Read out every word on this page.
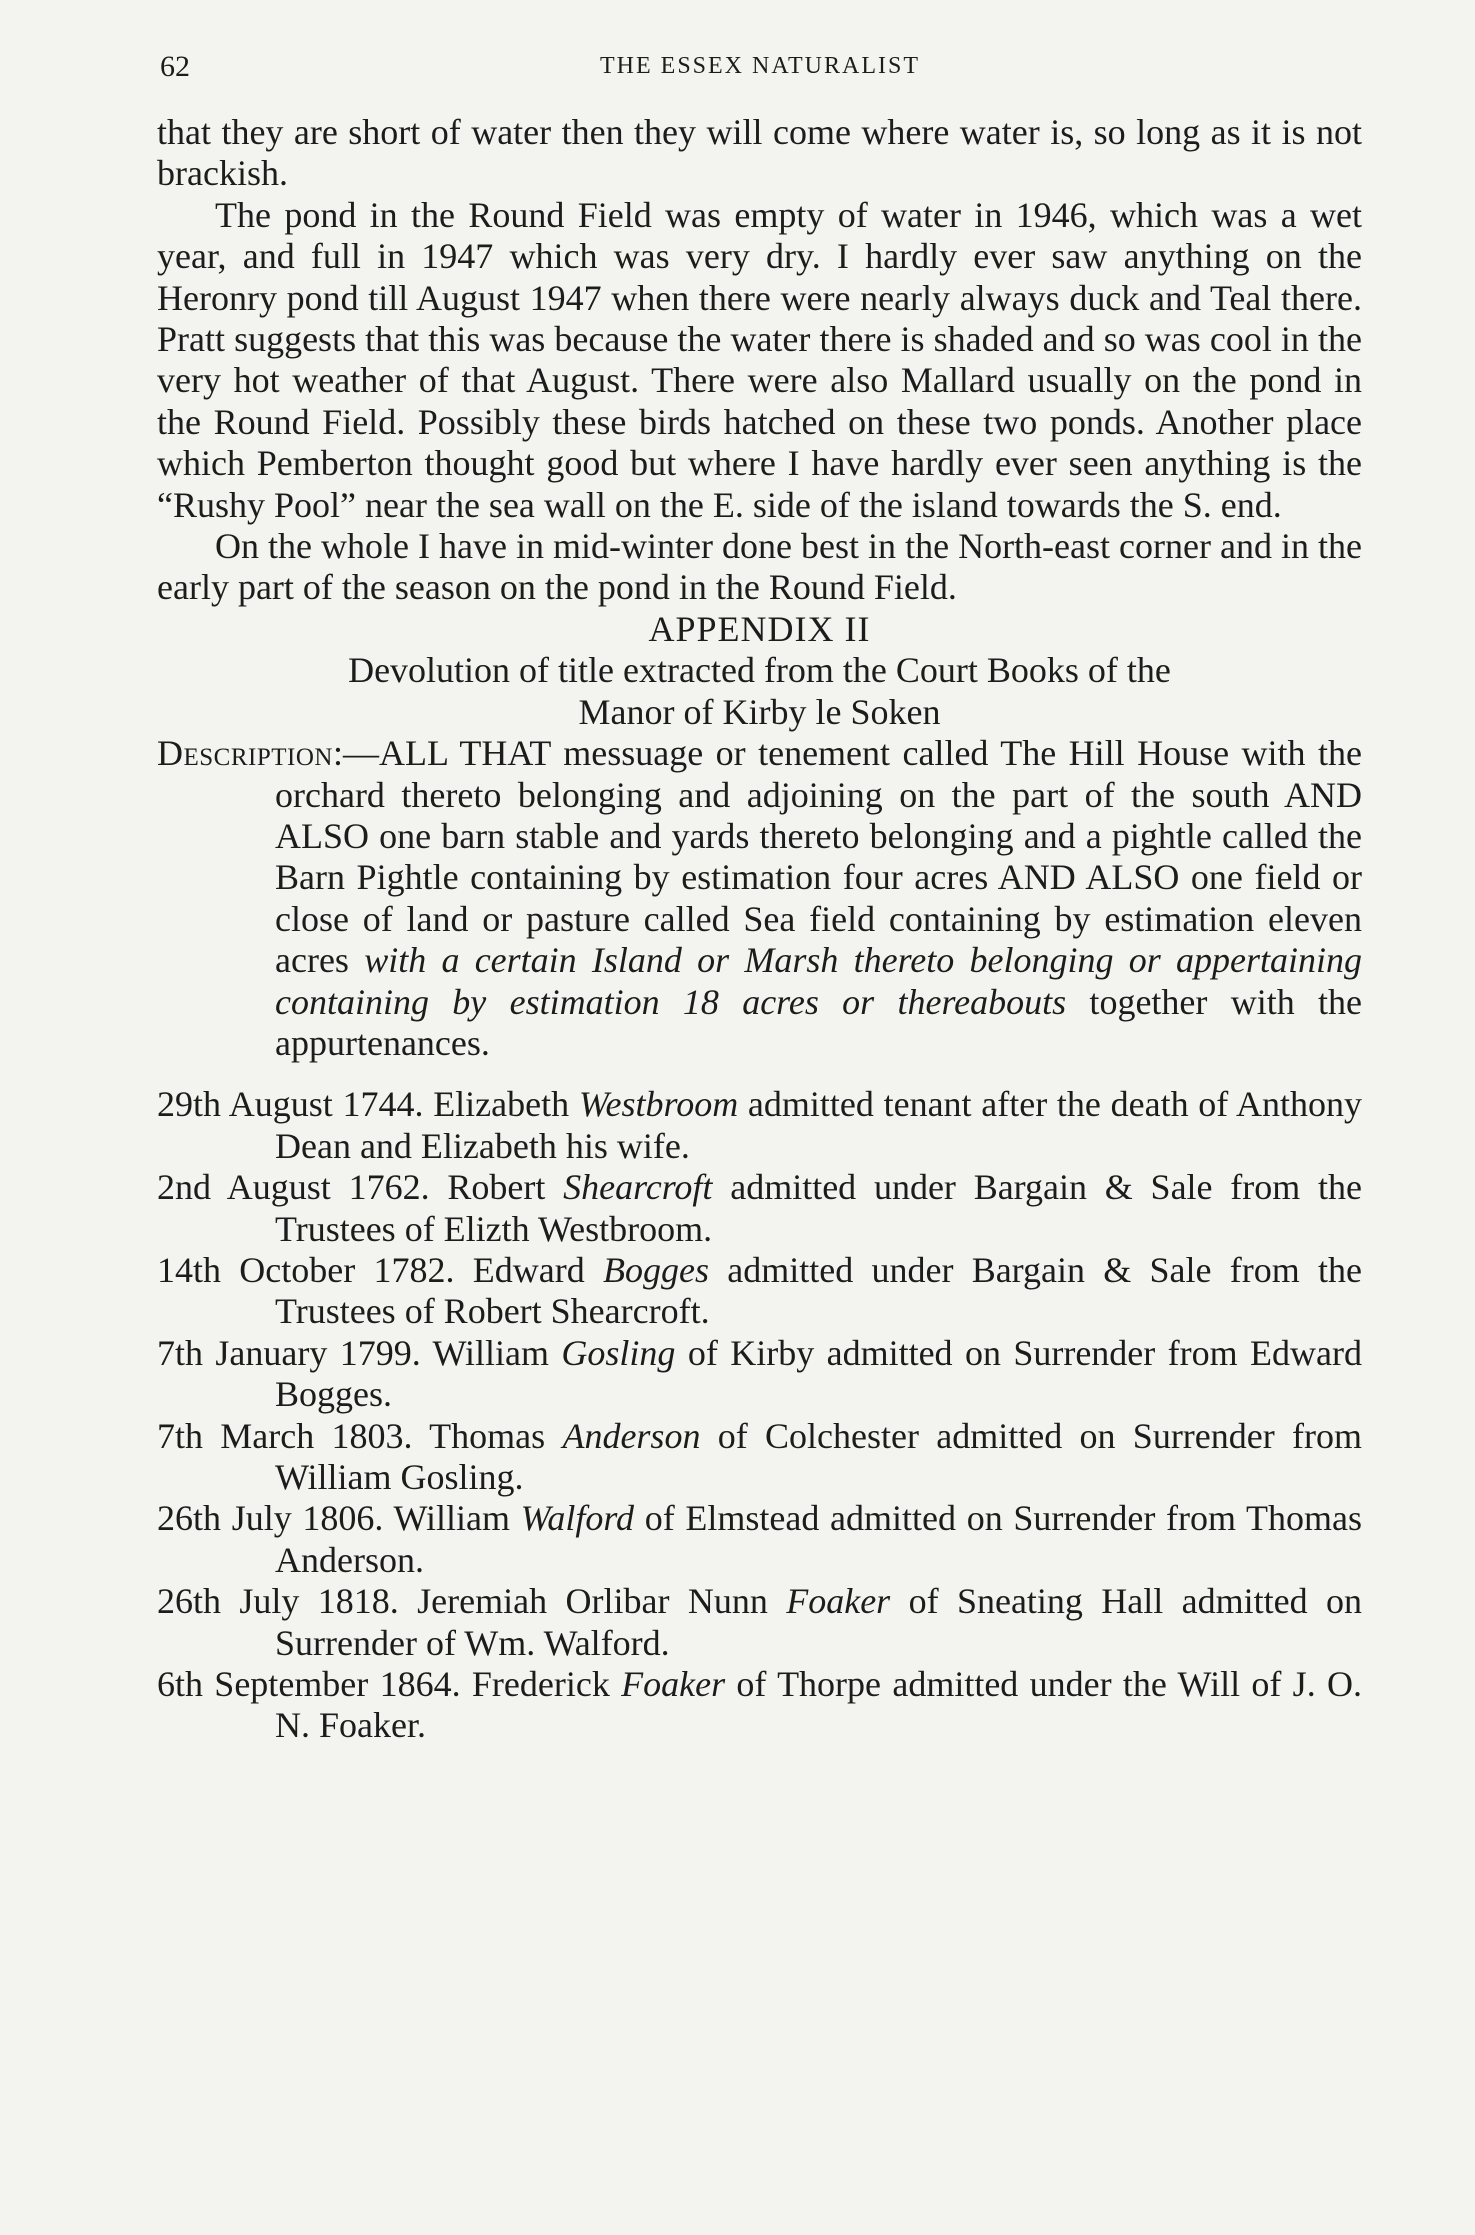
62	THE ESSEX NATURALIST

that they are short of water then they will come where water is, so long as it is not brackish.

The pond in the Round Field was empty of water in 1946, which was a wet year, and full in 1947 which was very dry. I hardly ever saw anything on the Heronry pond till August 1947 when there were nearly always duck and Teal there. Pratt suggests that this was because the water there is shaded and so was cool in the very hot weather of that August. There were also Mallard usually on the pond in the Round Field. Possibly these birds hatched on these two ponds. Another place which Pemberton thought good but where I have hardly ever seen anything is the “Rushy Pool” near the sea wall on the E. side of the island towards the S. end.

On the whole I have in mid-winter done best in the North-east corner and in the early part of the season on the pond in the Round Field.

APPENDIX II

Devolution of title extracted from the Court Books of the
Manor of Kirby le Soken

Description:—ALL THAT messuage or tenement called The Hill House with the orchard thereto belonging and adjoining on the part of the south AND ALSO one barn stable and yards thereto belonging and a pightle called the Barn Pightle containing by estimation four acres AND ALSO one field or close of land or pasture called Sea field containing by estimation eleven acres with a certain Island or Marsh thereto belonging or appertaining containing by estimation 18 acres or thereabouts together with the appurtenances.

29th August 1744. Elizabeth Westbroom admitted tenant after the death of Anthony Dean and Elizabeth his wife.

2nd August 1762. Robert Shearcroft admitted under Bargain & Sale from the Trustees of Elizth Westbroom.

14th October 1782. Edward Bogges admitted under Bargain & Sale from the Trustees of Robert Shearcroft.

7th January 1799. William Gosling of Kirby admitted on Surrender from Edward Bogges.

7th March 1803. Thomas Anderson of Colchester admitted on Surrender from William Gosling.

26th July 1806. William Walford of Elmstead admitted on Surrender from Thomas Anderson.

26th July 1818. Jeremiah Orlibar Nunn Foaker of Sneating Hall admitted on Surrender of Wm. Walford.

6th September 1864. Frederick Foaker of Thorpe admitted under the Will of J. O. N. Foaker.
